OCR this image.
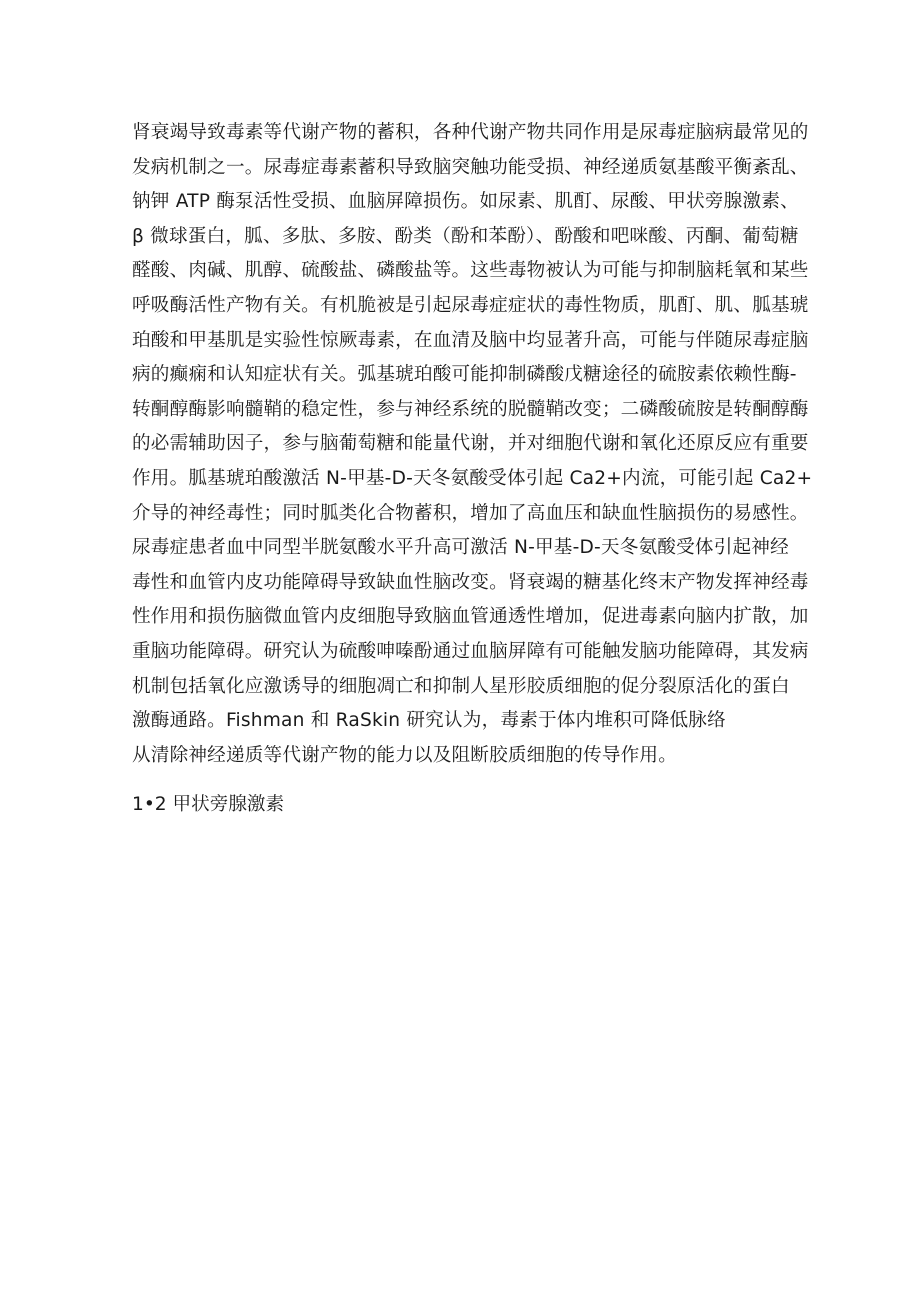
肾衰竭导致毒素等代谢产物的蓄积，各种代谢产物共同作用是尿毒症脑病最常见的
发病机制之一。尿毒症毒素蓄积导致脑突触功能受损、神经递质氨基酸平衡紊乱、
钠钾 ATP 酶泵活性受损、血脑屏障损伤。如尿素、肌酊、尿酸、甲状旁腺激素、
β 微球蛋白，胍、多肽、多胺、酚类（酚和苯酚）、酚酸和吧咪酸、丙酮、葡萄糖
醛酸、肉碱、肌醇、硫酸盐、磷酸盐等。这些毒物被认为可能与抑制脑耗氧和某些
呼吸酶活性产物有关。有机脆被是引起尿毒症症状的毒性物质，肌酊、肌、胍基琥
珀酸和甲基肌是实验性惊厥毒素，在血清及脑中均显著升高，可能与伴随尿毒症脑
病的癫痫和认知症状有关。弧基琥珀酸可能抑制磷酸戊糖途径的硫胺素依赖性酶-
转酮醇酶影响髓鞘的稳定性，参与神经系统的脱髓鞘改变；二磷酸硫胺是转酮醇酶
的必需辅助因子，参与脑葡萄糖和能量代谢，并对细胞代谢和氧化还原反应有重要
作用。胍基琥珀酸激活 N-甲基-D-天冬氨酸受体引起 Ca2+内流，可能引起 Ca2+
介导的神经毒性；同时胍类化合物蓄积，增加了高血压和缺血性脑损伤的易感性。
尿毒症患者血中同型半胱氨酸水平升高可激活 N-甲基-D-天冬氨酸受体引起神经
毒性和血管内皮功能障碍导致缺血性脑改变。肾衰竭的糖基化终末产物发挥神经毒
性作用和损伤脑微血管内皮细胞导致脑血管通透性增加，促进毒素向脑内扩散，加
重脑功能障碍。研究认为硫酸呻嗪酚通过血脑屏障有可能触发脑功能障碍，其发病
机制包括氧化应激诱导的细胞凋亡和抑制人星形胶质细胞的促分裂原活化的蛋白
激酶通路。Fishman 和 RaSkin 研究认为，毒素于体内堆积可降低脉络
从清除神经递质等代谢产物的能力以及阻断胶质细胞的传导作用。
1•2 甲状旁腺激素
